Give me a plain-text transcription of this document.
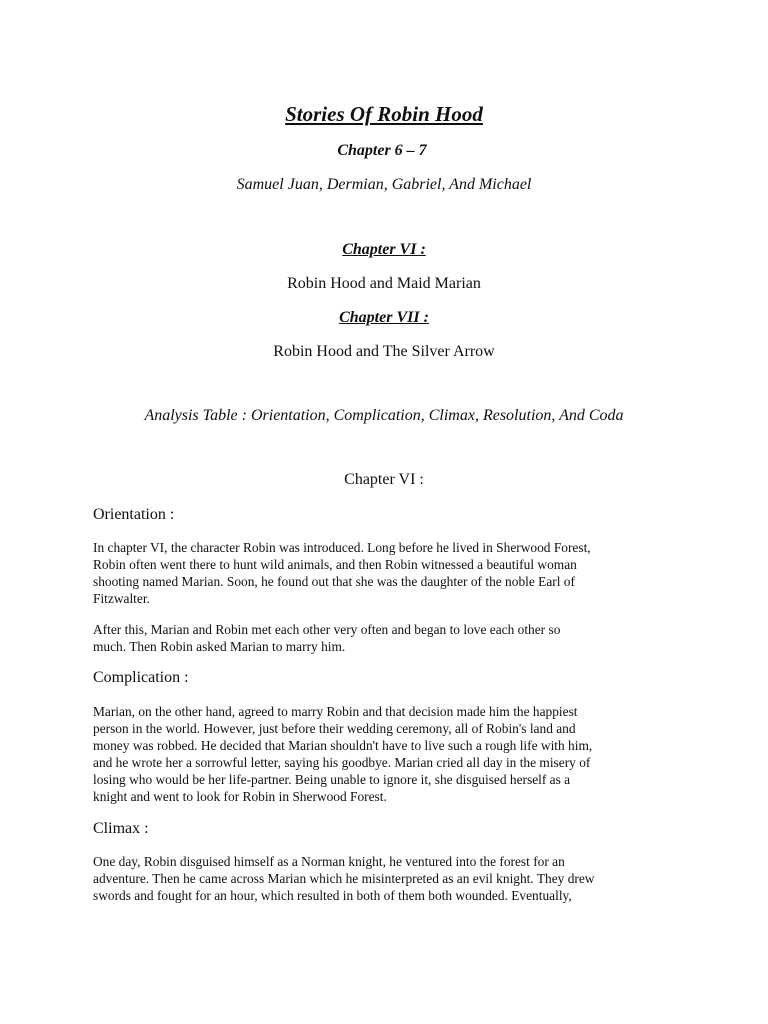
Stories Of Robin Hood
Chapter 6 – 7
Samuel Juan, Dermian, Gabriel, And Michael
Chapter VI :
Robin Hood and Maid Marian
Chapter VII :
Robin Hood and The Silver Arrow
Analysis Table : Orientation, Complication, Climax, Resolution, And Coda
Chapter VI :
Orientation :
In chapter VI, the character Robin was introduced. Long before he lived in Sherwood Forest,
Robin often went there to hunt wild animals, and then Robin witnessed a beautiful woman
shooting named Marian. Soon, he found out that she was the daughter of the noble Earl of
Fitzwalter.
After this, Marian and Robin met each other very often and began to love each other so
much. Then Robin asked Marian to marry him.
Complication :
Marian, on the other hand, agreed to marry Robin and that decision made him the happiest
person in the world. However, just before their wedding ceremony, all of Robin's land and
money was robbed. He decided that Marian shouldn't have to live such a rough life with him,
and he wrote her a sorrowful letter, saying his goodbye. Marian cried all day in the misery of
losing who would be her life-partner. Being unable to ignore it, she disguised herself as a
knight and went to look for Robin in Sherwood Forest.
Climax :
One day, Robin disguised himself as a Norman knight, he ventured into the forest for an
adventure. Then he came across Marian which he misinterpreted as an evil knight. They drew
swords and fought for an hour, which resulted in both of them both wounded. Eventually,
